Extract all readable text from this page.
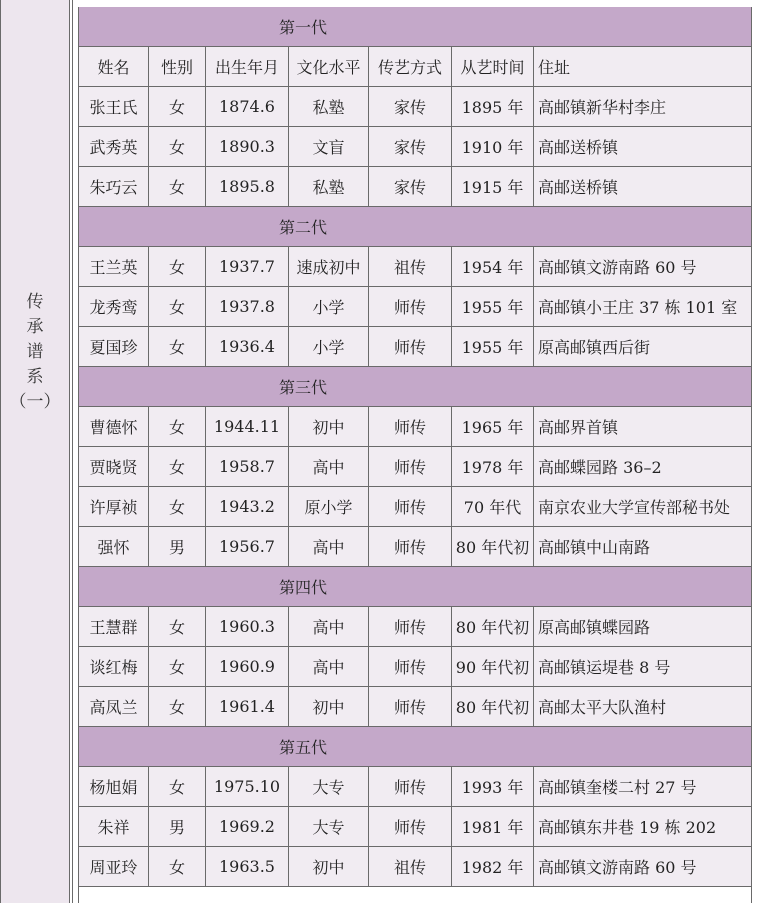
传
承
谱
系
（一）
第一代
姓名	性别	出生年月	文化水平	传艺方式	从艺时间 住址
张王氏	女	1874.6	私塾	家传	1895 年 高邮镇新华村李庄
武秀英	女	1890.3	文盲	家传	1910 年 高邮送桥镇
朱巧云	女	1895.8	私塾	家传	1915 年 高邮送桥镇
第二代
王兰英	女	1937.7	速成初中	祖传	1954 年 高邮镇文游南路 60 号
龙秀鸾	女	1937.8	小学	师传	1955 年 高邮镇小王庄 37 栋 101 室
夏国珍	女	1936.4	小学	师传	1955 年 原高邮镇西后街
第三代
曹德怀	女	1944.11	初中	师传	1965 年 高邮界首镇
贾晓贤	女	1958.7	高中	师传	1978 年 高邮蝶园路 36–2
许厚祯	女	1943.2	原小学	师传	70 年代	南京农业大学宣传部秘书处
强怀	男	1956.7	高中	师传	80 年代初 高邮镇中山南路
第四代
王慧群	女	1960.3	高中	师传	80 年代初 原高邮镇蝶园路
谈红梅	女	1960.9	高中	师传	90 年代初 高邮镇运堤巷 8 号
高凤兰	女	1961.4	初中	师传	80 年代初 高邮太平大队渔村
第五代
杨旭娟	女	1975.10	大专	师传	1993 年 高邮镇奎楼二村 27 号
朱祥	男	1969.2	大专	师传	1981 年 高邮镇东井巷 19 栋 202
周亚玲	女	1963.5	初中	祖传	1982 年 高邮镇文游南路 60 号
